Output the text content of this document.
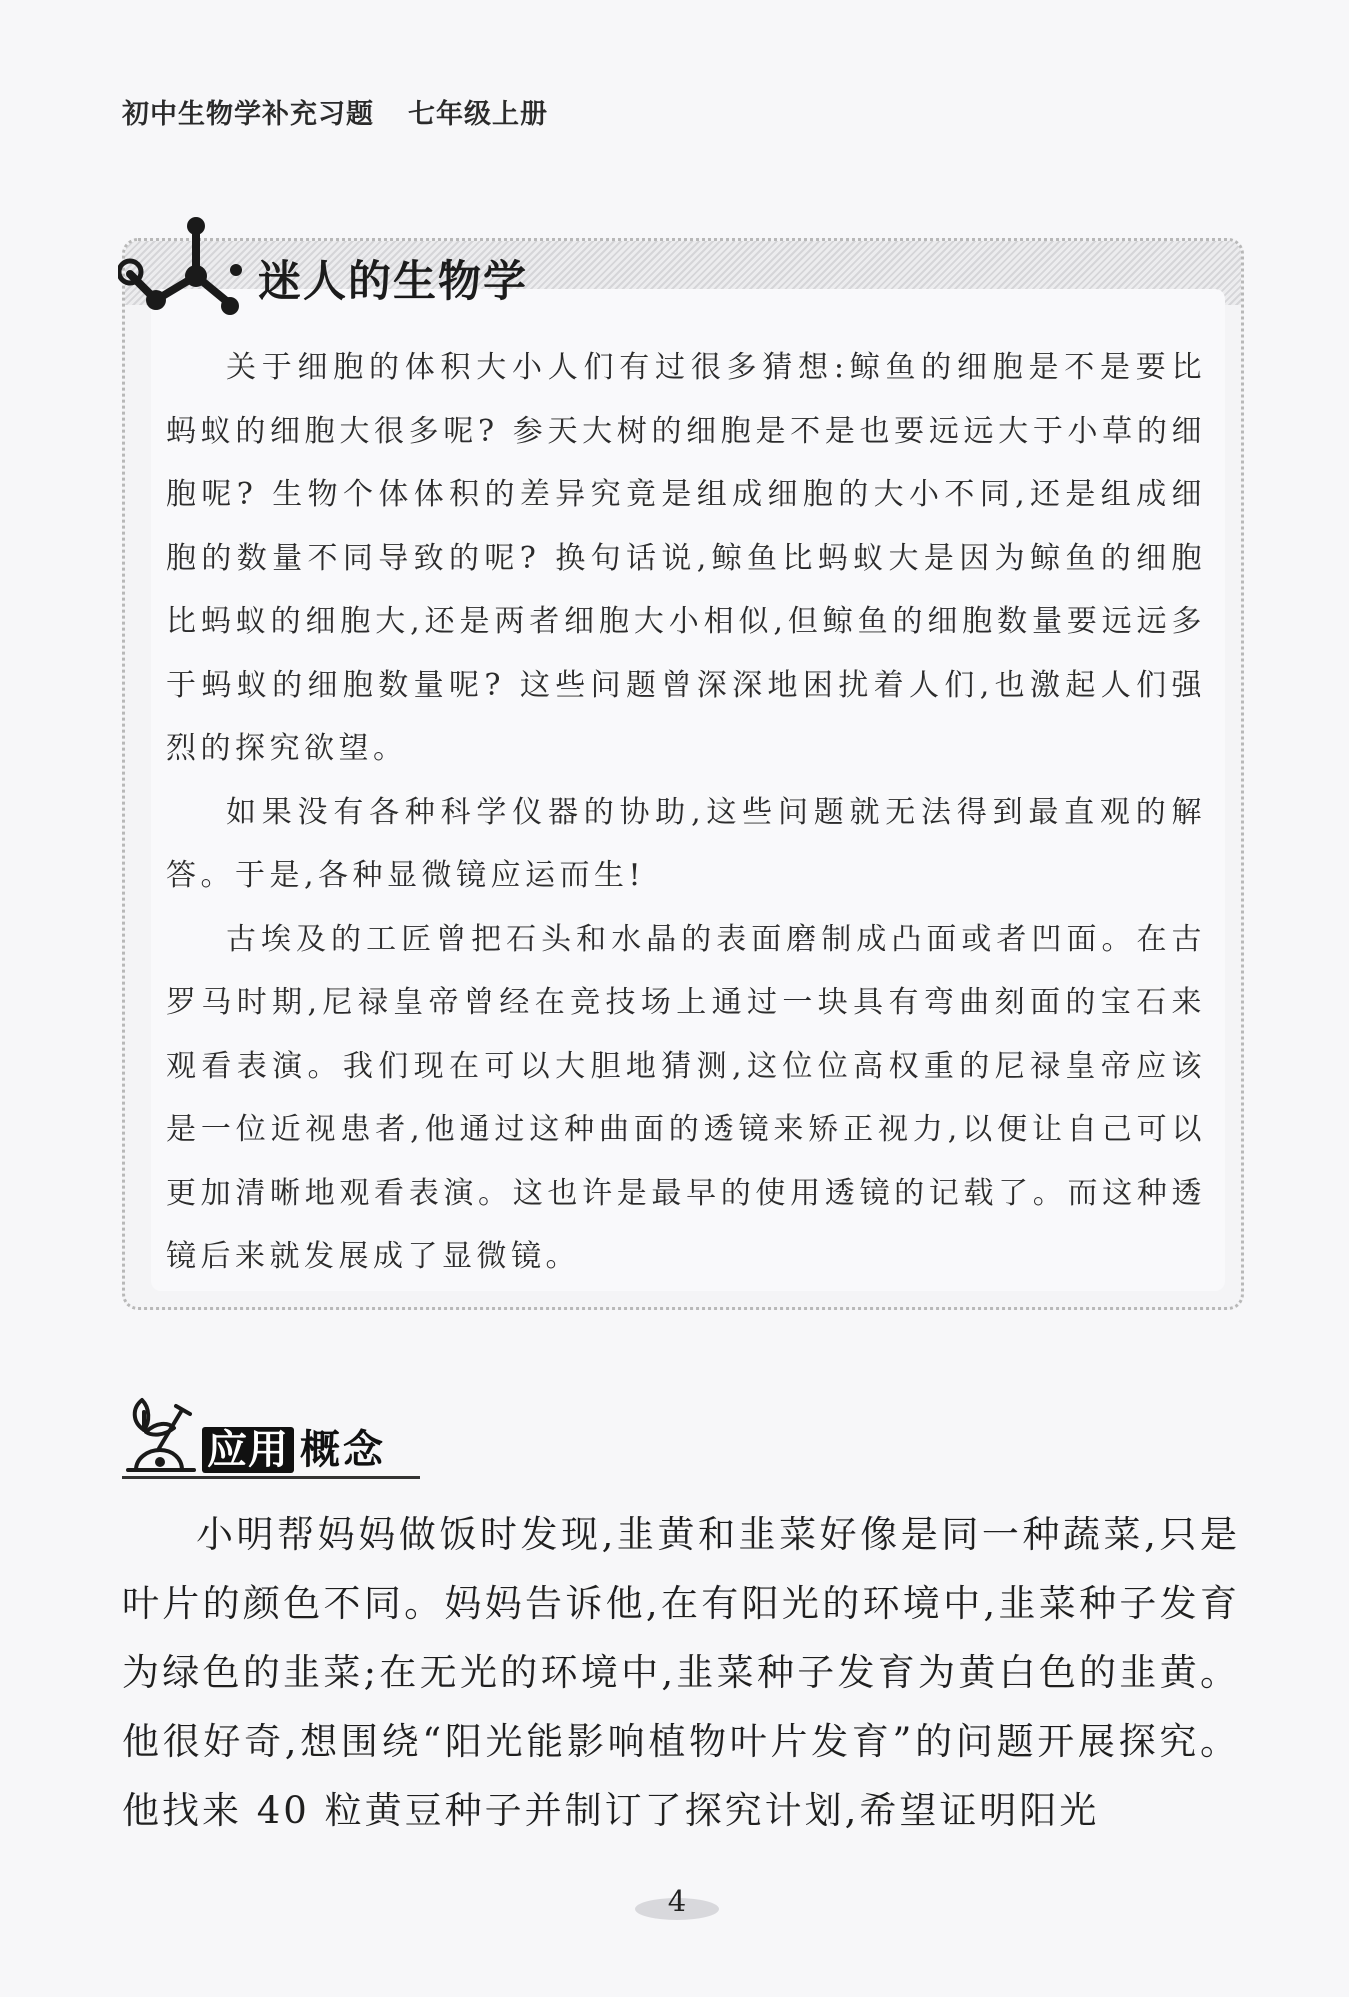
初中生物学补充习题 七年级上册
迷人的生物学

关于细胞的体积大小人们有过很多猜想:鲸鱼的细胞是不是要比蚂蚁的细胞大很多呢? 参天大树的细胞是不是也要远远大于小草的细胞呢? 生物个体体积的差异究竟是组成细胞的大小不同,还是组成细胞的数量不同导致的呢? 换句话说,鲸鱼比蚂蚁大是因为鲸鱼的细胞比蚂蚁的细胞大,还是两者细胞大小相似,但鲸鱼的细胞数量要远远多于蚂蚁的细胞数量呢? 这些问题曾深深地困扰着人们,也激起人们强烈的探究欲望。

如果没有各种科学仪器的协助,这些问题就无法得到最直观的解答。于是,各种显微镜应运而生!

古埃及的工匠曾把石头和水晶的表面磨制成凸面或者凹面。在古罗马时期,尼禄皇帝曾经在竞技场上通过一块具有弯曲刻面的宝石来观看表演。我们现在可以大胆地猜测,这位位高权重的尼禄皇帝应该是一位近视患者,他通过这种曲面的透镜来矫正视力,以便让自己可以更加清晰地观看表演。这也许是最早的使用透镜的记载了。而这种透镜后来就发展成了显微镜。

应用 概念

小明帮妈妈做饭时发现,韭黄和韭菜好像是同一种蔬菜,只是叶片的颜色不同。妈妈告诉他,在有阳光的环境中,韭菜种子发育为绿色的韭菜;在无光的环境中,韭菜种子发育为黄白色的韭黄。他很好奇,想围绕“阳光能影响植物叶片发育”的问题开展探究。他找来 40 粒黄豆种子并制订了探究计划,希望证明阳光

4
